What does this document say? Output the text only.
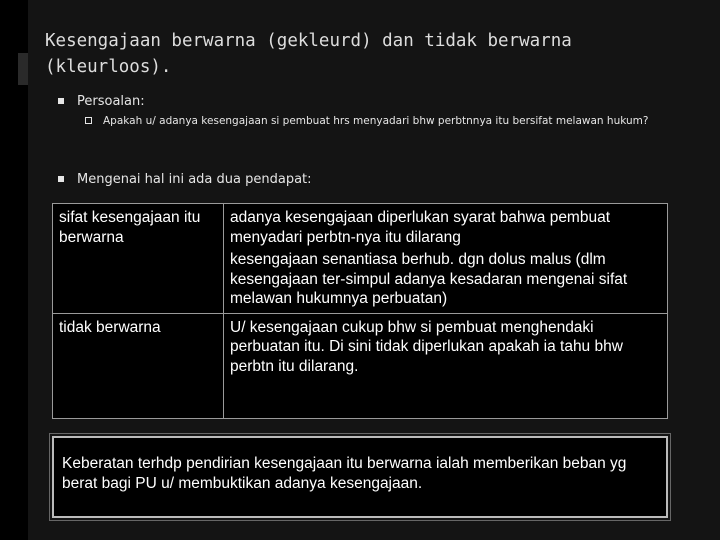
Kesengajaan berwarna (gekleurd) dan tidak berwarna
(kleurloos).
Persoalan:
Apakah u/ adanya kesengajaan si pembuat hrs menyadari bhw perbtnnya itu bersifat melawan hukum?
Mengenai hal ini ada dua pendapat:
sifat kesengajaan itu berwarna	adanya kesengajaan diperlukan syarat bahwa pembuat menyadari perbtn-nya itu dilarang
kesengajaan senantiasa berhub. dgn dolus malus (dlm kesengajaan ter-simpul adanya kesadaran mengenai sifat melawan hukumnya perbuatan)

tidak berwarna	U/ kesengajaan cukup bhw si pembuat menghendaki perbuatan itu. Di sini tidak diperlukan apakah ia tahu bhw perbtn itu dilarang.
Keberatan terhdp pendirian kesengajaan itu berwarna ialah memberikan beban yg berat bagi PU u/ membuktikan adanya kesengajaan.
